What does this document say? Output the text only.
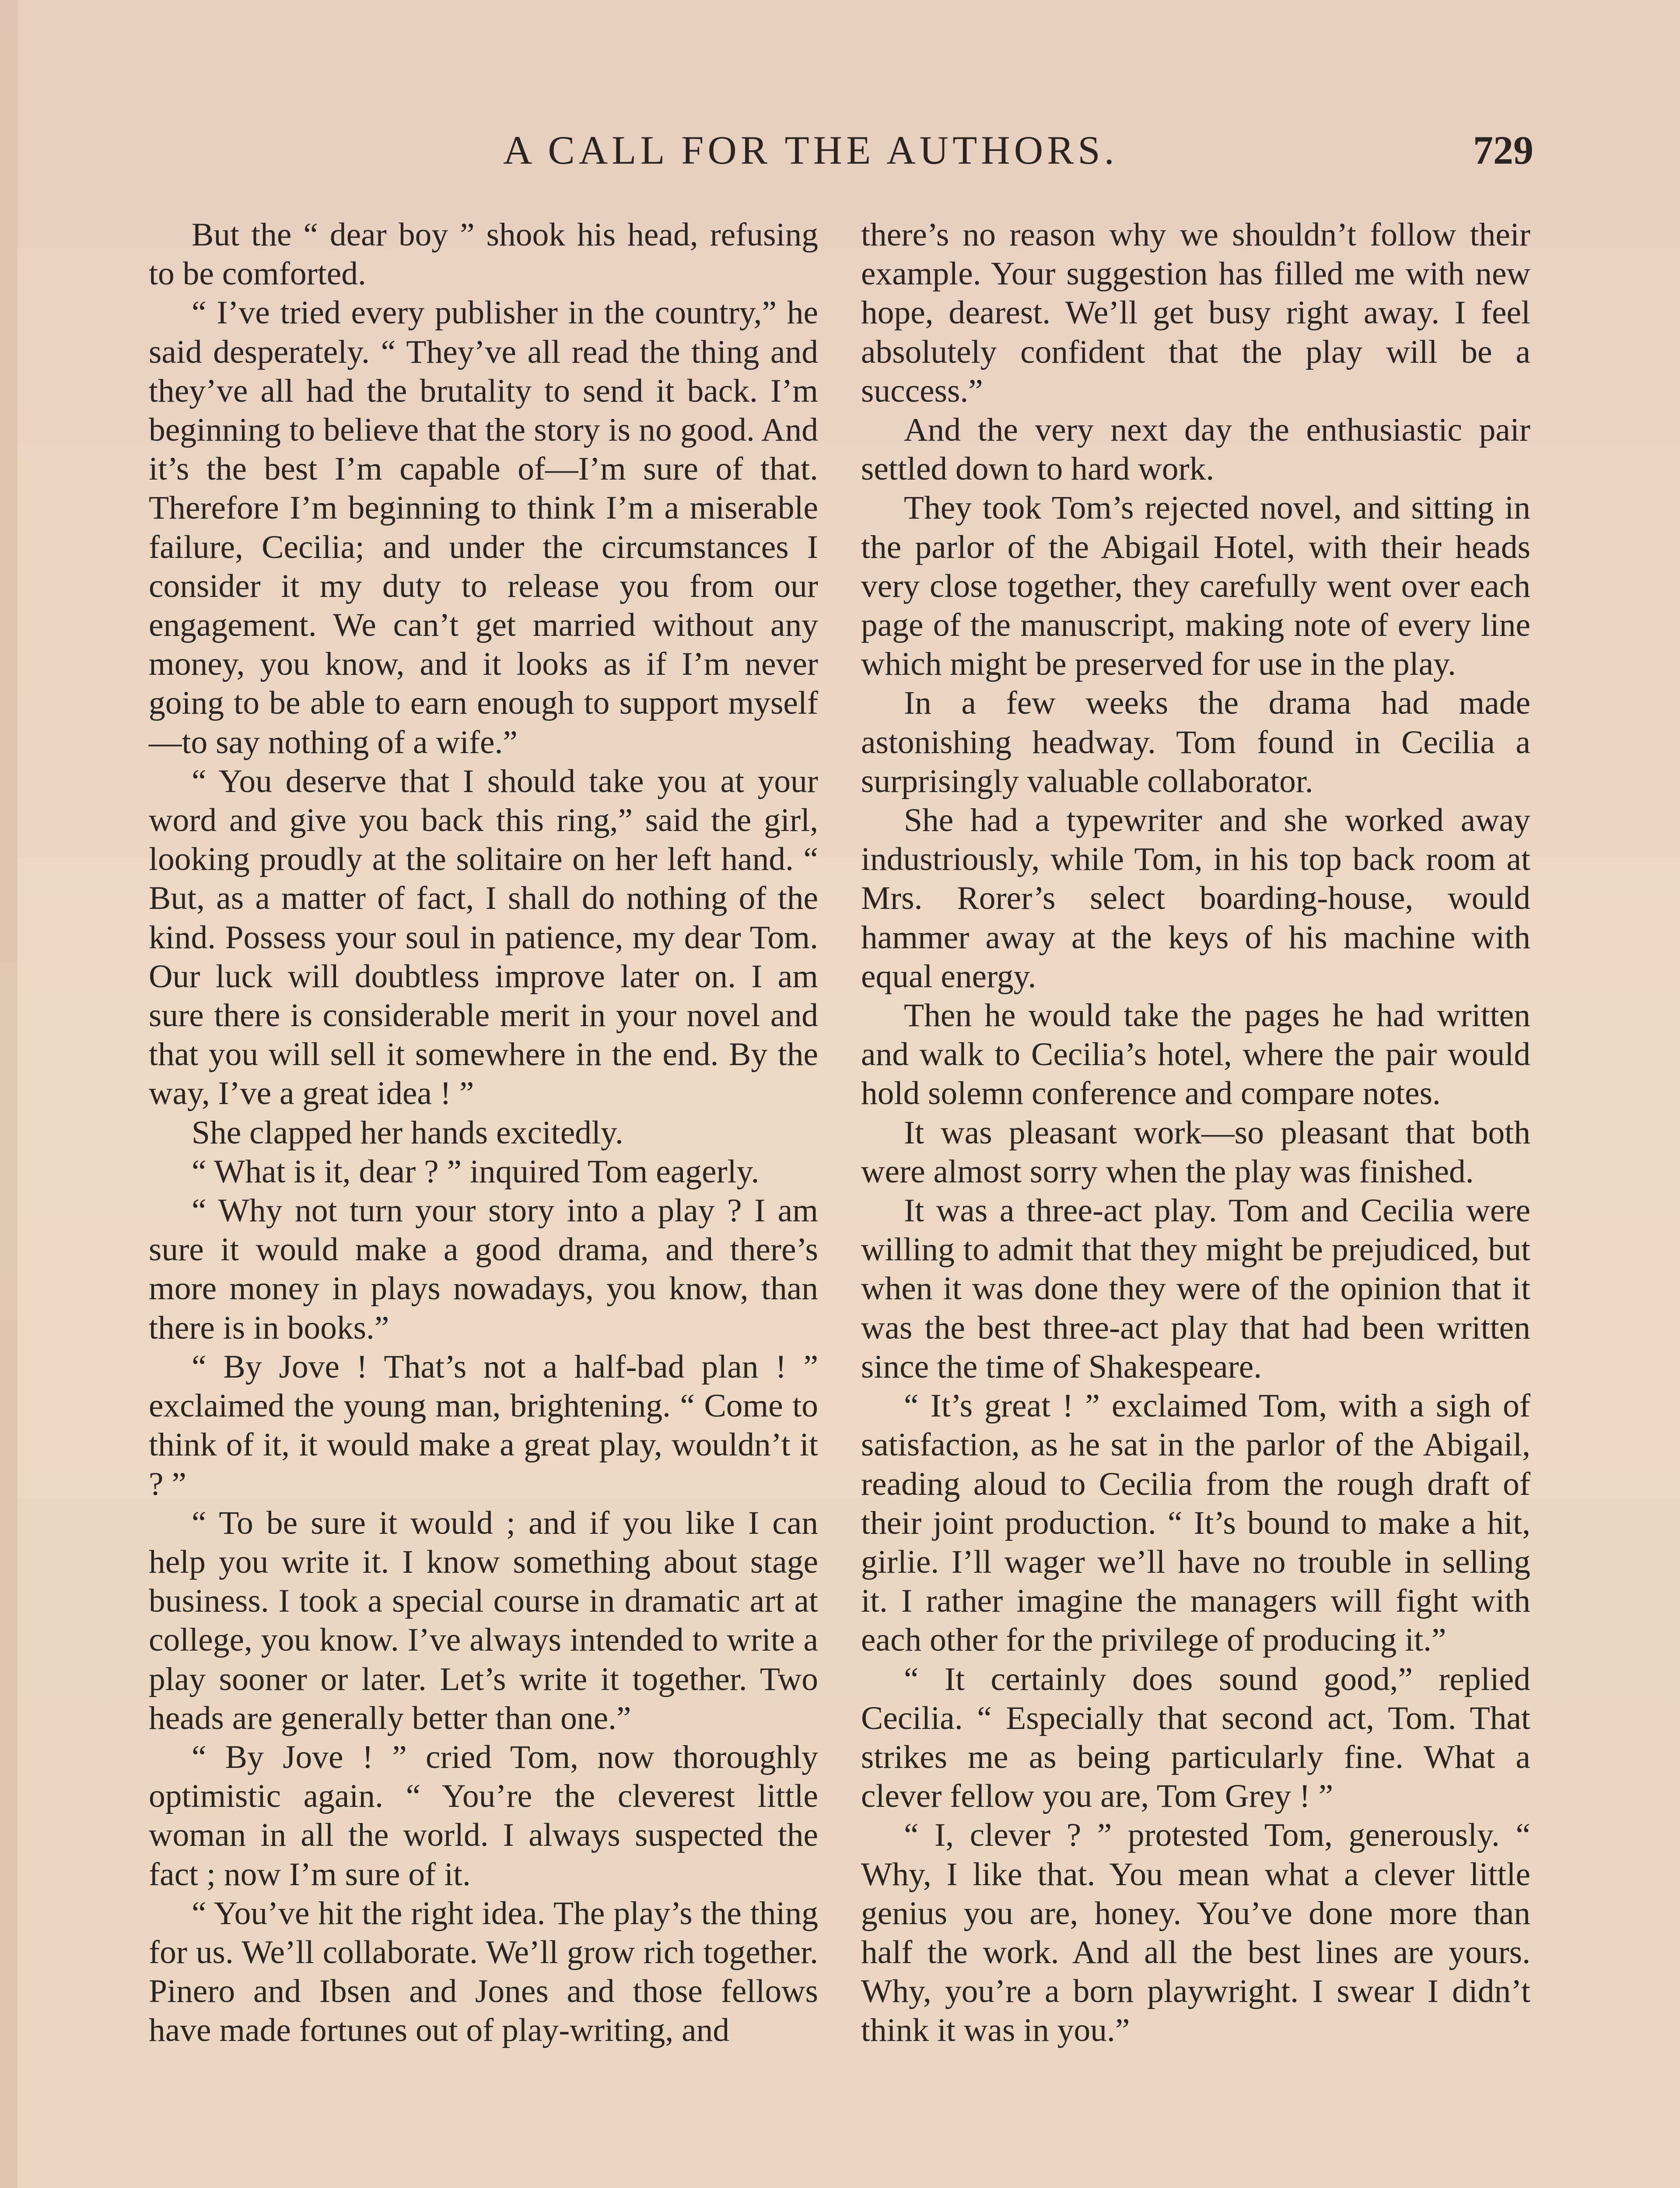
A CALL FOR THE AUTHORS.	729

But the “ dear boy ” shook his head, refusing to be comforted.

“ I’ve tried every publisher in the country,” he said desperately. “ They’ve all read the thing and they’ve all had the brutality to send it back. I’m beginning to believe that the story is no good. And it’s the best I’m capable of—I’m sure of that. Therefore I’m beginning to think I’m a miserable failure, Cecilia; and under the circumstances I consider it my duty to release you from our engagement. We can’t get married without any money, you know, and it looks as if I’m never going to be able to earn enough to support myself—to say nothing of a wife.”

“ You deserve that I should take you at your word and give you back this ring,” said the girl, looking proudly at the solitaire on her left hand. “ But, as a matter of fact, I shall do nothing of the kind. Possess your soul in patience, my dear Tom. Our luck will doubtless improve later on. I am sure there is considerable merit in your novel and that you will sell it somewhere in the end. By the way, I’ve a great idea ! ”

She clapped her hands excitedly.

“ What is it, dear ? ” inquired Tom eagerly.

“ Why not turn your story into a play ? I am sure it would make a good drama, and there’s more money in plays nowadays, you know, than there is in books.”

“ By Jove ! That’s not a half-bad plan ! ” exclaimed the young man, brightening. “ Come to think of it, it would make a great play, wouldn’t it ? ”

“ To be sure it would ; and if you like I can help you write it. I know something about stage business. I took a special course in dramatic art at college, you know. I’ve always intended to write a play sooner or later. Let’s write it together. Two heads are generally better than one.”

“ By Jove ! ” cried Tom, now thoroughly optimistic again. “ You’re the cleverest little woman in all the world. I always suspected the fact ; now I’m sure of it.

“ You’ve hit the right idea. The play’s the thing for us. We’ll collaborate. We’ll grow rich together. Pinero and Ibsen and Jones and those fellows have made fortunes out of play-writing, and

there’s no reason why we shouldn’t follow their example. Your suggestion has filled me with new hope, dearest. We’ll get busy right away. I feel absolutely confident that the play will be a success.”

And the very next day the enthusiastic pair settled down to hard work.

They took Tom’s rejected novel, and sitting in the parlor of the Abigail Hotel, with their heads very close together, they carefully went over each page of the manuscript, making note of every line which might be preserved for use in the play.

In a few weeks the drama had made astonishing headway. Tom found in Cecilia a surprisingly valuable collaborator.

She had a typewriter and she worked away industriously, while Tom, in his top back room at Mrs. Rorer’s select boarding-house, would hammer away at the keys of his machine with equal energy.

Then he would take the pages he had written and walk to Cecilia’s hotel, where the pair would hold solemn conference and compare notes.

It was pleasant work—so pleasant that both were almost sorry when the play was finished.

It was a three-act play. Tom and Cecilia were willing to admit that they might be prejudiced, but when it was done they were of the opinion that it was the best three-act play that had been written since the time of Shakespeare.

“ It’s great ! ” exclaimed Tom, with a sigh of satisfaction, as he sat in the parlor of the Abigail, reading aloud to Cecilia from the rough draft of their joint production. “ It’s bound to make a hit, girlie. I’ll wager we’ll have no trouble in selling it. I rather imagine the managers will fight with each other for the privilege of producing it.”

“ It certainly does sound good,” replied Cecilia. “ Especially that second act, Tom. That strikes me as being particularly fine. What a clever fellow you are, Tom Grey ! ”

“ I, clever ? ” protested Tom, generously. “ Why, I like that. You mean what a clever little genius you are, honey. You’ve done more than half the work. And all the best lines are yours. Why, you’re a born playwright. I swear I didn’t think it was in you.”
